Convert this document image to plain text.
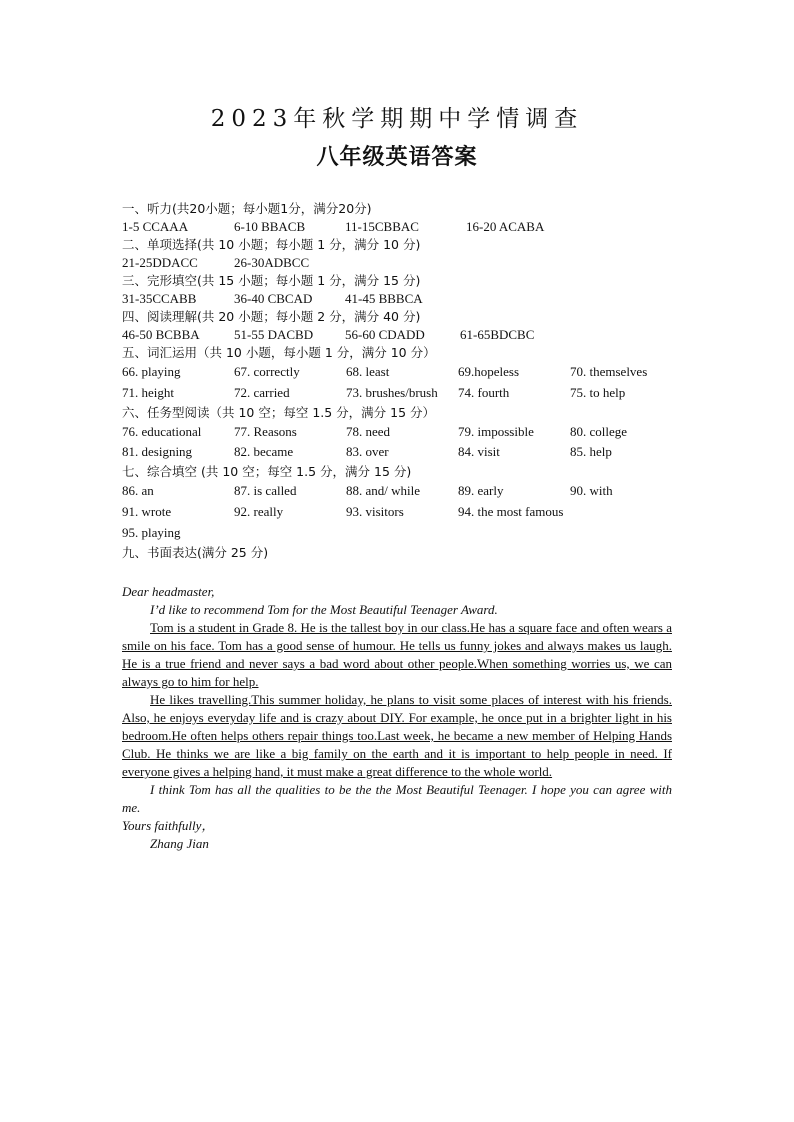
2023年秋学期期中学情调查
八年级英语答案
一、听力(共20小题；每小题1分，满分20分)
1-5 CCAAA	6-10 BBACB	11-15CBBAC	16-20 ACABA
二、单项选择(共 10 小题；每小题 1 分，满分 10 分)
21-25DDACC	26-30ADBCC
三、完形填空(共 15 小题；每小题 1 分，满分 15 分)
31-35CCABB	36-40 CBCAD	41-45 BBBCA
四、阅读理解(共 20 小题；每小题 2 分，满分 40 分)
46-50 BCBBA	51-55 DACBD 56-60 CDADD	61-65BDCBC
五、词汇运用（共 10 小题，每小题 1 分，满分 10 分）
66. playing	67. correctly	68. least	69.hopeless	70. themselves
71. height	72. carried	73. brushes/brush 74. fourth	75. to help
六、任务型阅读（共 10 空；每空 1.5 分，满分 15 分）
76. educational	77. Reasons	78. need	79. impossible	80. college
81. designing	82. became	83. over	84. visit	85. help
七、综合填空 (共 10 空；每空 1.5 分，满分 15 分)
86. an	87. is called	88. and/ while	89. early	90. with
91. wrote	92. really	93. visitors	94. the most famous
95. playing
九、书面表达(满分 25 分)

Dear headmaster,

I’d like to recommend Tom for the Most Beautiful Teenager Award.

Tom is a student in Grade 8. He is the tallest boy in our class.He has a square face and often wears a smile on his face. Tom has a good sense of humour. He tells us funny jokes and always makes us laugh. He is a true friend and never says a bad word about other people.When something worries us, we can always go to him for help.

He likes travelling.This summer holiday, he plans to visit some places of interest with his friends. Also, he enjoys everyday life and is crazy about DIY. For example, he once put in a brighter light in his bedroom.He often helps others repair things too.Last week, he became a new member of Helping Hands Club. He thinks we are like a big family on the earth and it is important to help people in need. If everyone gives a helping hand, it must make a great difference to the whole world.

I think Tom has all the qualities to be the the Most Beautiful Teenager. I hope you can agree with me.

Yours faithfully，

Zhang Jian
